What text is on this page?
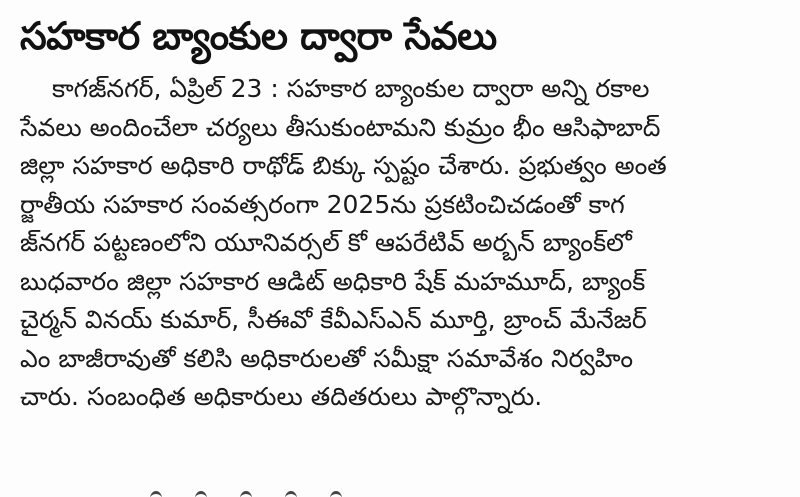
సహకార బ్యాంకుల ద్వారా సేవలు
కాగజ్‌నగర్, ఏప్రిల్ 23 : సహకార బ్యాంకుల ద్వారా అన్ని రకాల
సేవలు అందించేలా చర్యలు తీసుకుంటామని కుమ్రం భీం ఆసిఫాబాద్
జిల్లా సహకార అధికారి రాథోడ్ బిక్కు స్పష్టం చేశారు. ప్రభుత్వం అంత
ర్జాతీయ సహకార సంవత్సరంగా 2025ను ప్రకటించిచడంతో కాగ
జ్‌నగర్ పట్టణంలోని యూనివర్సల్ కో ఆపరేటివ్ అర్బన్ బ్యాంక్‌లో
బుధవారం జిల్లా సహకార ఆడిట్ అధికారి షేక్ మహమూద్, బ్యాంక్
చైర్మన్ వినయ్ కుమార్, సీఈవో కేవీఎస్ఎన్ మూర్తి, బ్రాంచ్ మేనేజర్
ఎం బాజీరావుతో కలిసి అధికారులతో సమీక్షా సమావేశం నిర్వహిం
చారు. సంబంధిత అధికారులు తదితరులు పాల్గొన్నారు.
